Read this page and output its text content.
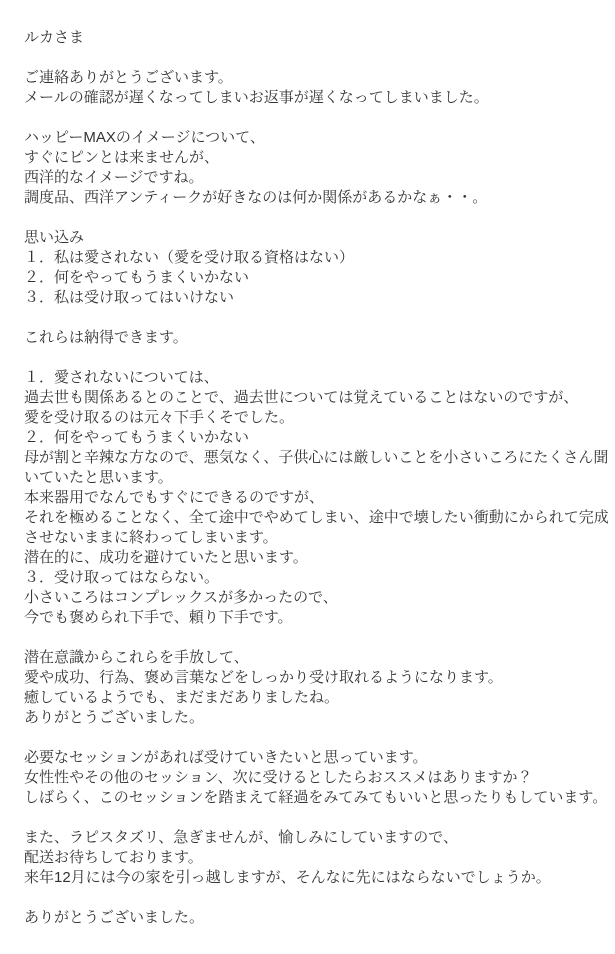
ルカさま
ご連絡ありがとうございます。
メールの確認が遅くなってしまいお返事が遅くなってしまいました。
ハッピーMAXのイメージについて、
すぐにピンとは来ませんが、
西洋的なイメージですね。
調度品、西洋アンティークが好きなのは何か関係があるかなぁ・・。
思い込み
１．私は愛されない（愛を受け取る資格はない）
２．何をやってもうまくいかない
３．私は受け取ってはいけない
これらは納得できます。
１．愛されないについては、
過去世も関係あるとのことで、過去世については覚えていることはないのですが、
愛を受け取るのは元々下手くそでした。
２．何をやってもうまくいかない
母が割と辛辣な方なので、悪気なく、子供心には厳しいことを小さいころにたくさん聞いていたと思います。
本来器用でなんでもすぐにできるのですが、
それを極めることなく、全て途中でやめてしまい、途中で壊したい衝動にかられて完成させないままに終わってしまいます。
潜在的に、成功を避けていたと思います。
３．受け取ってはならない。
小さいころはコンプレックスが多かったので、
今でも褒められ下手で、頼り下手です。
潜在意識からこれらを手放して、
愛や成功、行為、褒め言葉などをしっかり受け取れるようになります。
癒しているようでも、まだまだありましたね。
ありがとうございました。
必要なセッションがあれば受けていきたいと思っています。
女性性やその他のセッション、次に受けるとしたらおススメはありますか？
しばらく、このセッションを踏まえて経過をみてみてもいいと思ったりもしています。
また、ラピスタズリ、急ぎませんが、愉しみにしていますので、
配送お待ちしております。
来年12月には今の家を引っ越しますが、そんなに先にはならないでしょうか。
ありがとうございました。
